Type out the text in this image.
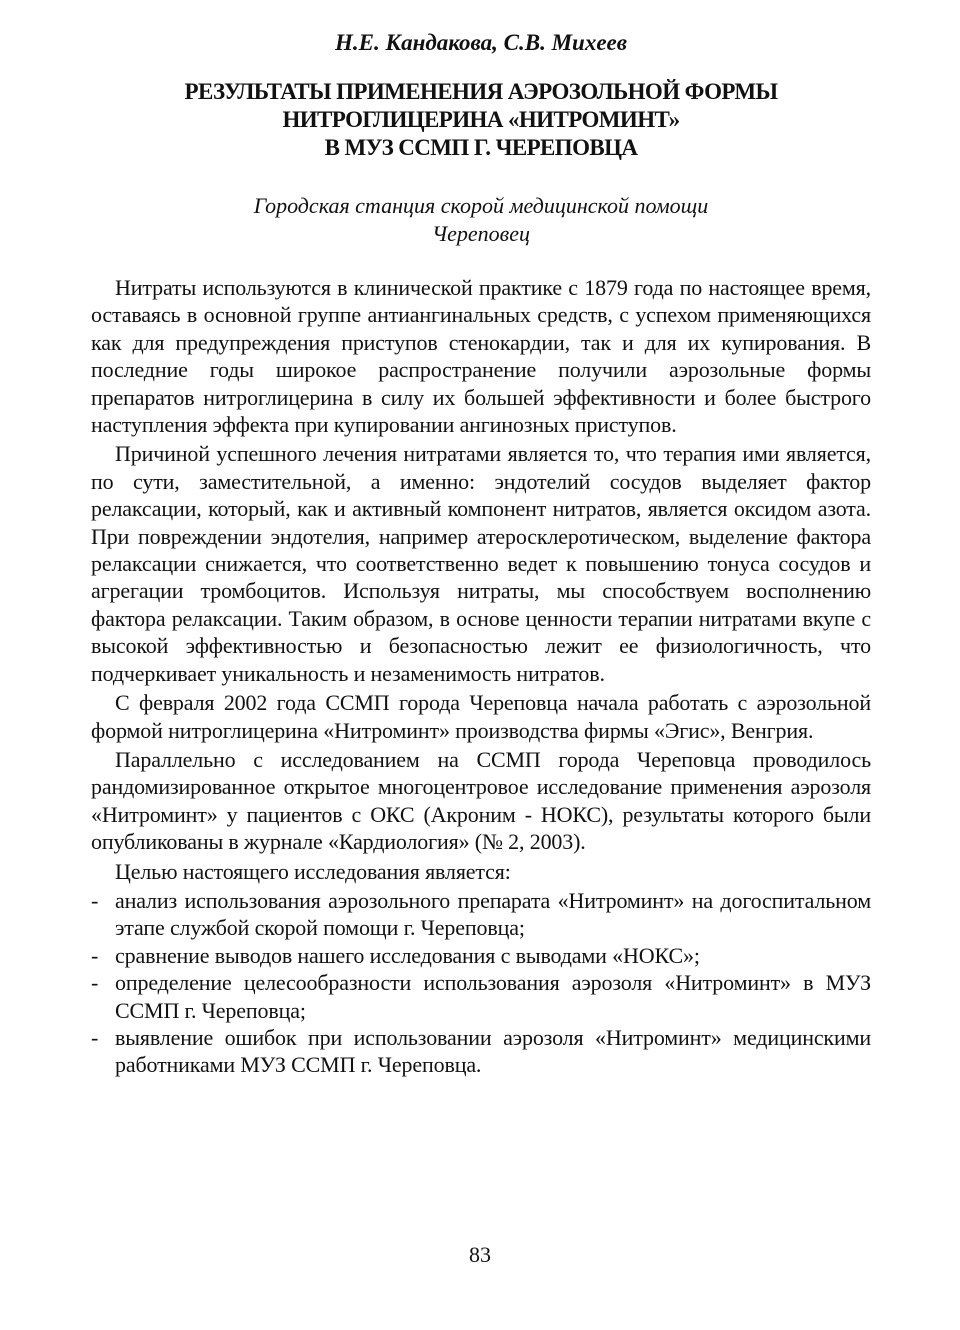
Н.Е. Кандакова, С.В. Михеев
РЕЗУЛЬТАТЫ ПРИМЕНЕНИЯ АЭРОЗОЛЬНОЙ ФОРМЫ
НИТРОГЛИЦЕРИНА «НИТРОМИНТ»
В МУЗ ССМП Г. ЧЕРЕПОВЦА
Городская станция скорой медицинской помощи
Череповец

Нитраты используются в клинической практике с 1879 года по настоящее время, оставаясь в основной группе антиангинальных средств, с успехом применяющихся как для предупреждения приступов стенокардии, так и для их купирования. В последние годы широкое распространение получили аэрозольные формы препаратов нитроглицерина в силу их большей эффективности и более быстрого наступления эффекта при купировании ангинозных приступов.

Причиной успешного лечения нитратами является то, что терапия ими является, по сути, заместительной, а именно: эндотелий сосудов выделяет фактор релаксации, который, как и активный компонент нитратов, является оксидом азота. При повреждении эндотелия, например атеросклеротическом, выделение фактора релаксации снижается, что соответственно ведет к повышению тонуса сосудов и агрегации тромбоцитов. Используя нитраты, мы способствуем восполнению фактора релаксации. Таким образом, в основе ценности терапии нитратами вкупе с высокой эффективностью и безопасностью лежит ее физиологичность, что подчеркивает уникальность и незаменимость нитратов.

С февраля 2002 года ССМП города Череповца начала работать с аэрозольной формой нитроглицерина «Нитроминт» производства фирмы «Эгис», Венгрия.

Параллельно с исследованием на ССМП города Череповца проводилось рандомизированное открытое многоцентровое исследование применения аэрозоля «Нитроминт» у пациентов с ОКС (Акроним - НОКС), результаты которого были опубликованы в журнале «Кардиология» (№ 2, 2003).

Целью настоящего исследования является:

- анализ использования аэрозольного препарата «Нитроминт» на догоспитальном этапе службой скорой помощи г. Череповца;
- сравнение выводов нашего исследования с выводами «НОКС»;
- определение целесообразности использования аэрозоля «Нитроминт» в МУЗ ССМП г. Череповца;
- выявление ошибок при использовании аэрозоля «Нитроминт» медицинскими работниками МУЗ ССМП г. Череповца.
83
